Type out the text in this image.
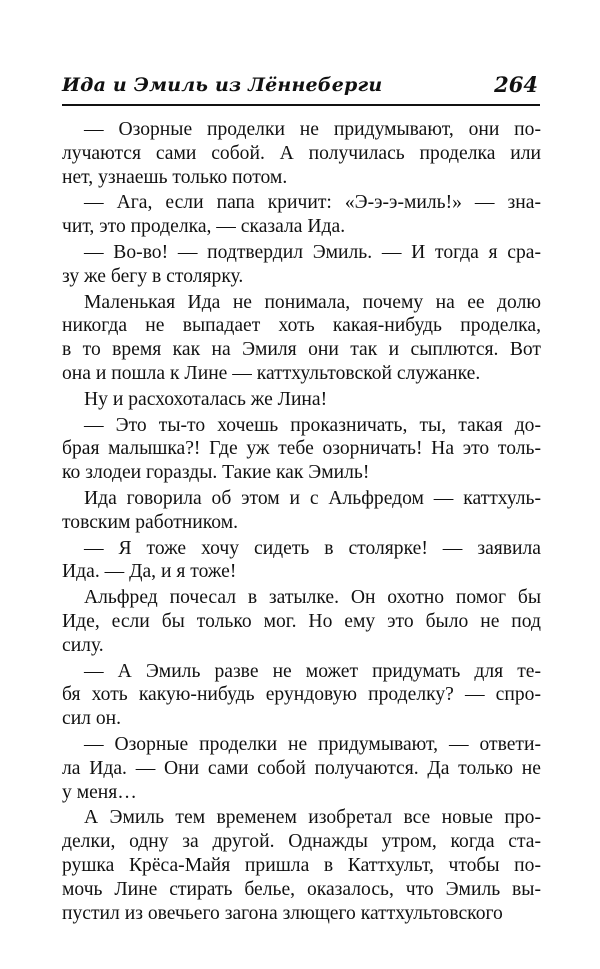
Ида и Эмиль из Лённеберги	264
— Озорные проделки не придумывают, они по-
лучаются сами собой. А получилась проделка или
нет, узнаешь только потом.
— Ага, если папа кричит: «Э-э-э-миль!» — зна-
чит, это проделка, — сказала Ида.
— Во-во! — подтвердил Эмиль. — И тогда я сра-
зу же бегу в столярку.
Маленькая Ида не понимала, почему на ее долю
никогда не выпадает хоть какая-нибудь проделка,
в то время как на Эмиля они так и сыплются. Вот
она и пошла к Лине — каттхультовской служанке.
Ну и расхохоталась же Лина!
— Это ты-то хочешь проказничать, ты, такая до-
брая малышка?! Где уж тебе озорничать! На это толь-
ко злодеи горазды. Такие как Эмиль!
Ида говорила об этом и с Альфредом — каттхуль-
товским работником.
— Я тоже хочу сидеть в столярке! — заявила
Ида. — Да, и я тоже!
Альфред почесал в затылке. Он охотно помог бы
Иде, если бы только мог. Но ему это было не под
силу.
— А Эмиль разве не может придумать для те-
бя хоть какую-нибудь ерундовую проделку? — спро-
сил он.
— Озорные проделки не придумывают, — ответи-
ла Ида. — Они сами собой получаются. Да только не
у меня…
А Эмиль тем временем изобретал все новые про-
делки, одну за другой. Однажды утром, когда ста-
рушка Крёса-Майя пришла в Каттхульт, чтобы по-
мочь Лине стирать белье, оказалось, что Эмиль вы-
пустил из овечьего загона злющего каттхультовского
